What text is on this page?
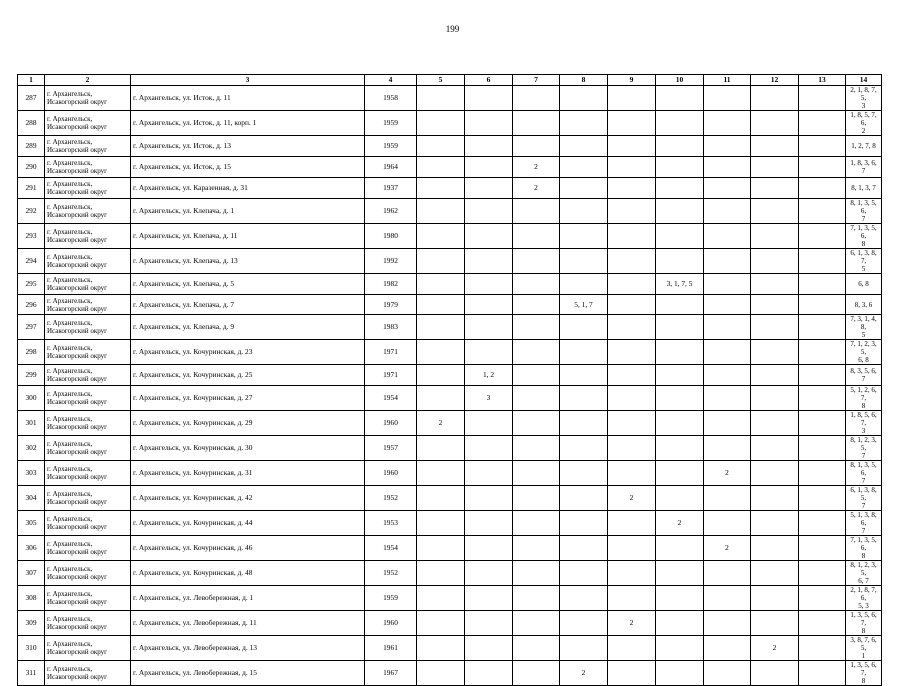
199
1	2	3	4	5	6	7	8	9	10	11	12	13	14
287	г. Архангельск,
Исакогорский округ	г. Архангельск, ул. Исток, д. 11	1958										2, 1, 8, 7, 5,
3
288	г. Архангельск,
Исакогорский округ	г. Архангельск, ул. Исток, д. 11, корп. 1	1959										1, 8, 5, 7, 6,
2
289	г. Архангельск,
Исакогорский округ	г. Архангельск, ул. Исток, д. 13	1959										1, 2, 7, 8
290	г. Архангельск,
Исакогорский округ	г. Архангельск, ул. Исток, д. 15	1964			2							1, 8, 3, 6, 7
291	г. Архангельск,
Исакогорский округ	г. Архангельск, ул. Каразенная, д. 31	1937			2							8, 1, 3, 7
292	г. Архангельск,
Исакогорский округ	г. Архангельск, ул. Клепача, д. 1	1962										8, 1, 3, 5, 6,
7
293	г. Архангельск,
Исакогорский округ	г. Архангельск, ул. Клепача, д. 11	1980										7, 1, 3, 5, 6,
8
294	г. Архангельск,
Исакогорский округ	г. Архангельск, ул. Клепача, д. 13	1992										6, 1, 3, 8, 7,
5
295	г. Архангельск,
Исакогорский округ	г. Архангельск, ул. Клепача, д. 5	1982						3, 1, 7, 5				6, 8
296	г. Архангельск,
Исакогорский округ	г. Архангельск, ул. Клепача, д. 7	1979				5, 1, 7						8, 3, 6
297	г. Архангельск,
Исакогорский округ	г. Архангельск, ул. Клепача, д. 9	1983										7, 3, 1, 4, 8,
5
298	г. Архангельск,
Исакогорский округ	г. Архангельск, ул. Кочуринская, д. 23	1971										7, 1, 2, 3, 5,
6, 8
299	г. Архангельск,
Исакогорский округ	г. Архангельск, ул. Кочуринская, д. 25	1971		1, 2								8, 3, 5, 6, 7
300	г. Архангельск,
Исакогорский округ	г. Архангельск, ул. Кочуринская, д. 27	1954		3								5, 1, 2, 6, 7,
8
301	г. Архангельск,
Исакогорский округ	г. Архангельск, ул. Кочуринская, д. 29	1960	2									1, 8, 5, 6, 7,
3
302	г. Архангельск,
Исакогорский округ	г. Архангельск, ул. Кочуринская, д. 30	1957										8, 1, 2, 3, 5,
7
303	г. Архангельск,
Исакогорский округ	г. Архангельск, ул. Кочуринская, д. 31	1960							2			8, 1, 3, 5, 6,
7
304	г. Архангельск,
Исакогорский округ	г. Архангельск, ул. Кочуринская, д. 42	1952					2					6, 1, 3, 8, 5,
7
305	г. Архангельск,
Исакогорский округ	г. Архангельск, ул. Кочуринская, д. 44	1953						2				5, 1, 3, 8, 6,
7
306	г. Архангельск,
Исакогорский округ	г. Архангельск, ул. Кочуринская, д. 46	1954							2			7, 1, 3, 5, 6,
8
307	г. Архангельск,
Исакогорский округ	г. Архангельск, ул. Кочуринская, д. 48	1952										8, 1, 2, 3, 5,
6, 7
308	г. Архангельск,
Исакогорский округ	г. Архангельск, ул. Левобережная, д. 1	1959										2, 1, 8, 7, 6,
5, 3
309	г. Архангельск,
Исакогорский округ	г. Архангельск, ул. Левобережная, д. 11	1960					2					1, 3, 5, 6, 7,
8
310	г. Архангельск,
Исакогорский округ	г. Архангельск, ул. Левобережная, д. 13	1961								2		3, 8, 7, 6, 5,
1
311	г. Архангельск,
Исакогорский округ	г. Архангельск, ул. Левобережная, д. 15	1967				2						1, 3, 5, 6, 7,
8
